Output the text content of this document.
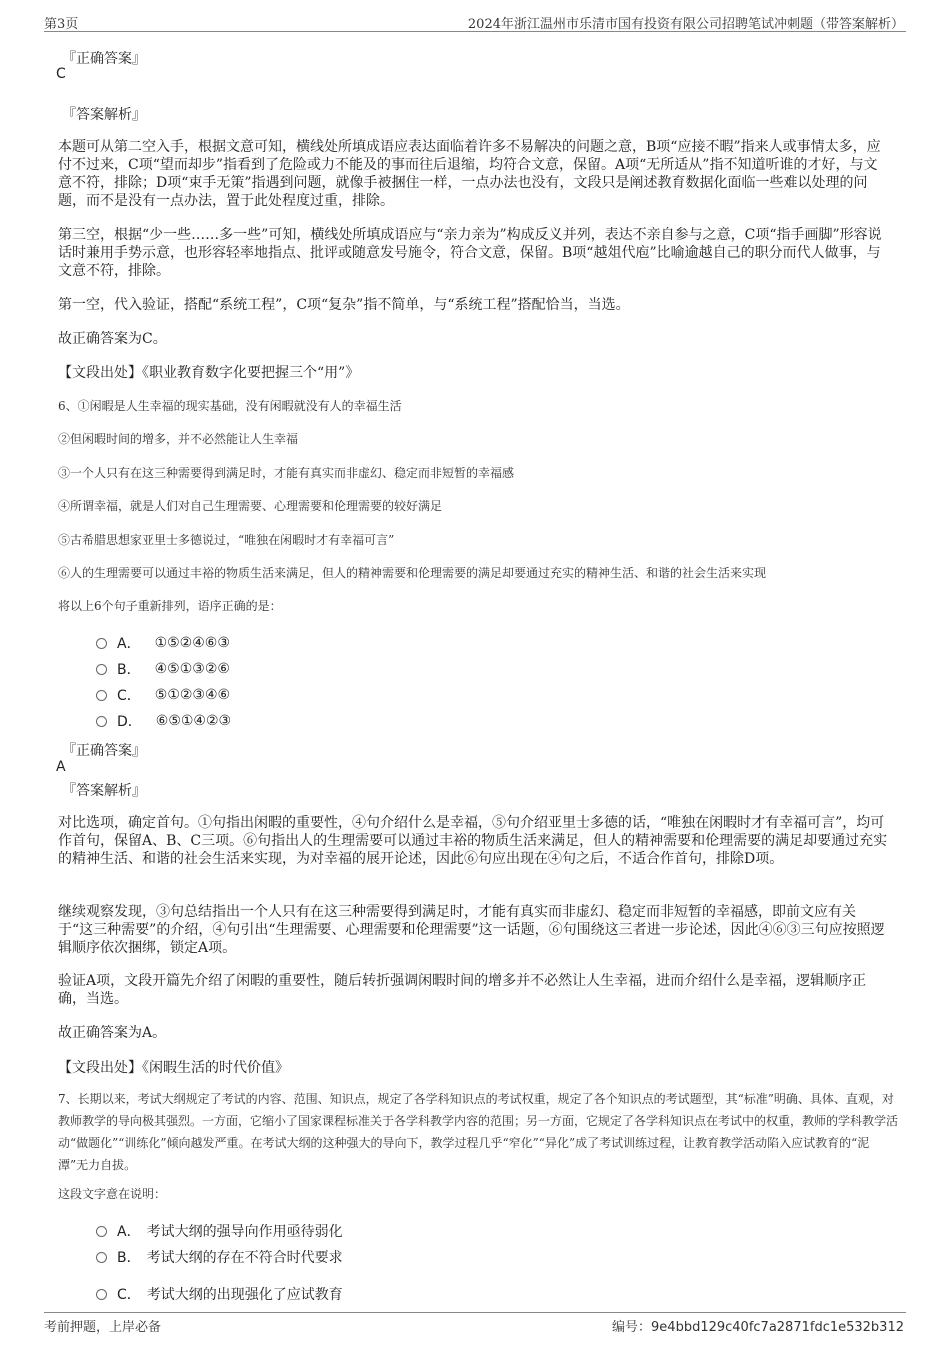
第3页	2024年浙江温州市乐清市国有投资有限公司招聘笔试冲刺题（带答案解析）
『正确答案』
C
『答案解析』
本题可从第二空入手，根据文意可知，横线处所填成语应表达面临着许多不易解决的问题之意，B项“应接不暇”指来人或事情太多，应付不过来，C项“望而却步”指看到了危险或力不能及的事而往后退缩，均符合文意，保留。A项“无所适从”指不知道听谁的才好，与文意不符，排除；D项“束手无策”指遇到问题，就像手被捆住一样，一点办法也没有，文段只是阐述教育数据化面临一些难以处理的问题，而不是没有一点办法，置于此处程度过重，排除。
第三空，根据“少一些……多一些”可知，横线处所填成语应与“亲力亲为”构成反义并列，表达不亲自参与之意，C项“指手画脚”形容说话时兼用手势示意，也形容轻率地指点、批评或随意发号施令，符合文意，保留。B项“越俎代庖”比喻逾越自己的职分而代人做事，与文意不符，排除。
第一空，代入验证，搭配“系统工程”，C项“复杂”指不简单，与“系统工程”搭配恰当，当选。
故正确答案为C。
【文段出处】《职业教育数字化要把握三个“用”》
6、①闲暇是人生幸福的现实基础，没有闲暇就没有人的幸福生活
②但闲暇时间的增多，并不必然能让人生幸福
③一个人只有在这三种需要得到满足时，才能有真实而非虚幻、稳定而非短暂的幸福感
④所谓幸福，就是人们对自己生理需要、心理需要和伦理需要的较好满足
⑤古希腊思想家亚里士多德说过，“唯独在闲暇时才有幸福可言”
⑥人的生理需要可以通过丰裕的物质生活来满足，但人的精神需要和伦理需要的满足却要通过充实的精神生活、和谐的社会生活来实现
将以上6个句子重新排列，语序正确的是：
A． ①⑤②④⑥③
B． ④⑤①③②⑥
C． ⑤①②③④⑥
D． ⑥⑤①④②③
『正确答案』
A
『答案解析』
对比选项，确定首句。①句指出闲暇的重要性，④句介绍什么是幸福，⑤句介绍亚里士多德的话，“唯独在闲暇时才有幸福可言”，均可作首句，保留A、B、C三项。⑥句指出人的生理需要可以通过丰裕的物质生活来满足，但人的精神需要和伦理需要的满足却要通过充实的精神生活、和谐的社会生活来实现，为对幸福的展开论述，因此⑥句应出现在④句之后，不适合作首句，排除D项。
继续观察发现，③句总结指出一个人只有在这三种需要得到满足时，才能有真实而非虚幻、稳定而非短暂的幸福感，即前文应有关于“这三种需要”的介绍，④句引出“生理需要、心理需要和伦理需要”这一话题，⑥句围绕这三者进一步论述，因此④⑥③三句应按照逻辑顺序依次捆绑，锁定A项。
验证A项，文段开篇先介绍了闲暇的重要性，随后转折强调闲暇时间的增多并不必然让人生幸福，进而介绍什么是幸福，逻辑顺序正确，当选。
故正确答案为A。
【文段出处】《闲暇生活的时代价值》
7、长期以来，考试大纲规定了考试的内容、范围、知识点，规定了各学科知识点的考试权重，规定了各个知识点的考试题型，其“标准”明确、具体、直观，对教师教学的导向极其强烈。一方面，它缩小了国家课程标准关于各学科教学内容的范围；另一方面，它规定了各学科知识点在考试中的权重，教师的学科教学活动“做题化”“训练化”倾向越发严重。在考试大纲的这种强大的导向下，教学过程几乎“窄化”“异化”成了考试训练过程，让教育教学活动陷入应试教育的“泥潭”无力自拔。
这段文字意在说明：
A． 考试大纲的强导向作用亟待弱化
B． 考试大纲的存在不符合时代要求
C． 考试大纲的出现强化了应试教育
考前押题，上岸必备	编号：9e4bbd129c40fc7a2871fdc1e532b312
